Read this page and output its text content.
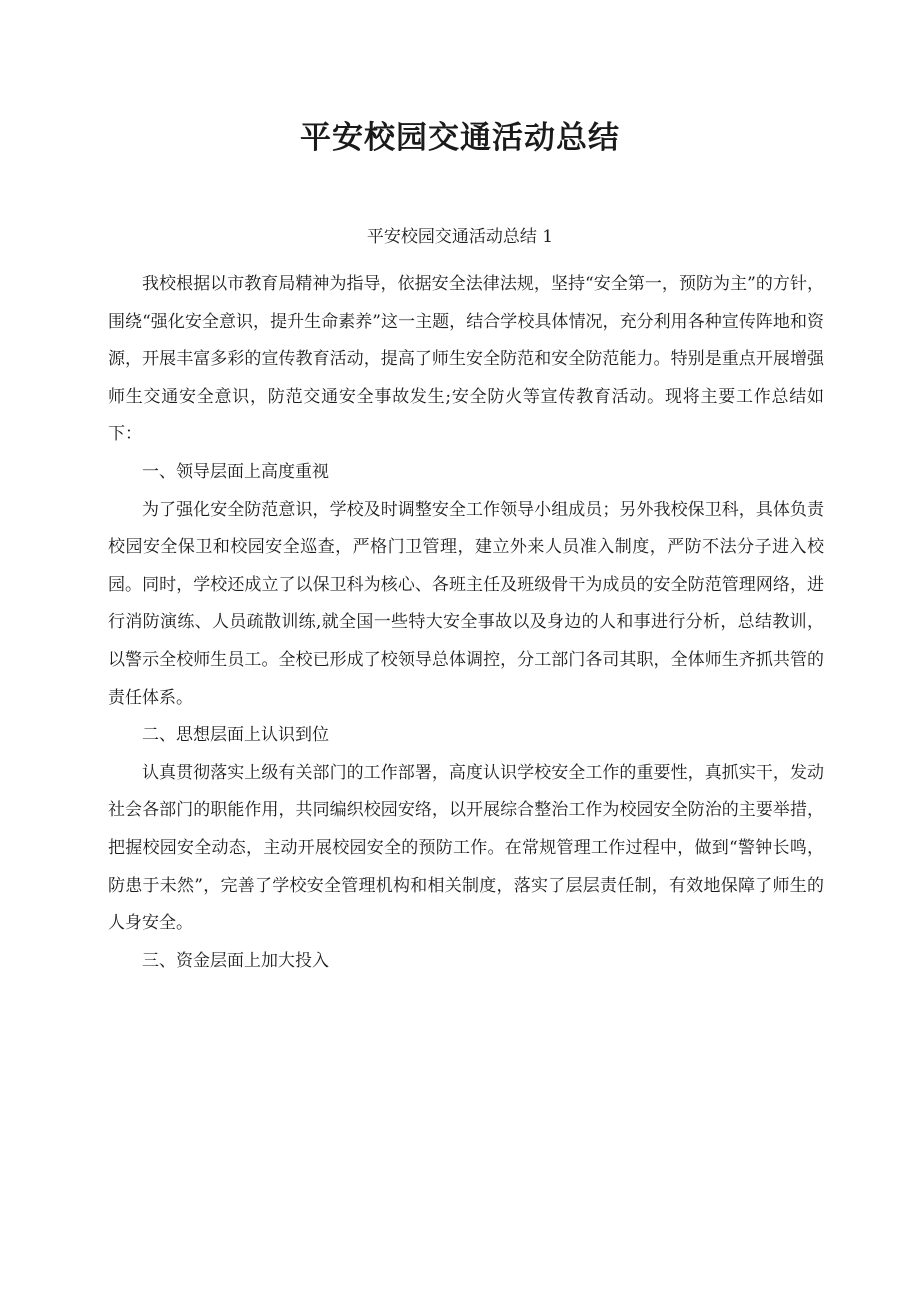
平安校园交通活动总结

平安校园交通活动总结 1

我校根据以市教育局精神为指导，依据安全法律法规，坚持“安全第一，预防为主”的方针，围绕“强化安全意识，提升生命素养”这一主题，结合学校具体情况，充分利用各种宣传阵地和资源，开展丰富多彩的宣传教育活动，提高了师生安全防范和安全防范能力。特别是重点开展增强师生交通安全意识，防范交通安全事故发生;安全防火等宣传教育活动。现将主要工作总结如下：

一、领导层面上高度重视

为了强化安全防范意识，学校及时调整安全工作领导小组成员；另外我校保卫科，具体负责校园安全保卫和校园安全巡查，严格门卫管理，建立外来人员准入制度，严防不法分子进入校园。同时，学校还成立了以保卫科为核心、各班主任及班级骨干为成员的安全防范管理网络，进行消防演练、人员疏散训练,就全国一些特大安全事故以及身边的人和事进行分析，总结教训，以警示全校师生员工。全校已形成了校领导总体调控，分工部门各司其职，全体师生齐抓共管的责任体系。

二、思想层面上认识到位

认真贯彻落实上级有关部门的工作部署，高度认识学校安全工作的重要性，真抓实干，发动社会各部门的职能作用，共同编织校园安络，以开展综合整治工作为校园安全防治的主要举措，把握校园安全动态，主动开展校园安全的预防工作。在常规管理工作过程中，做到“警钟长鸣，防患于未然”，完善了学校安全管理机构和相关制度，落实了层层责任制，有效地保障了师生的人身安全。

三、资金层面上加大投入
